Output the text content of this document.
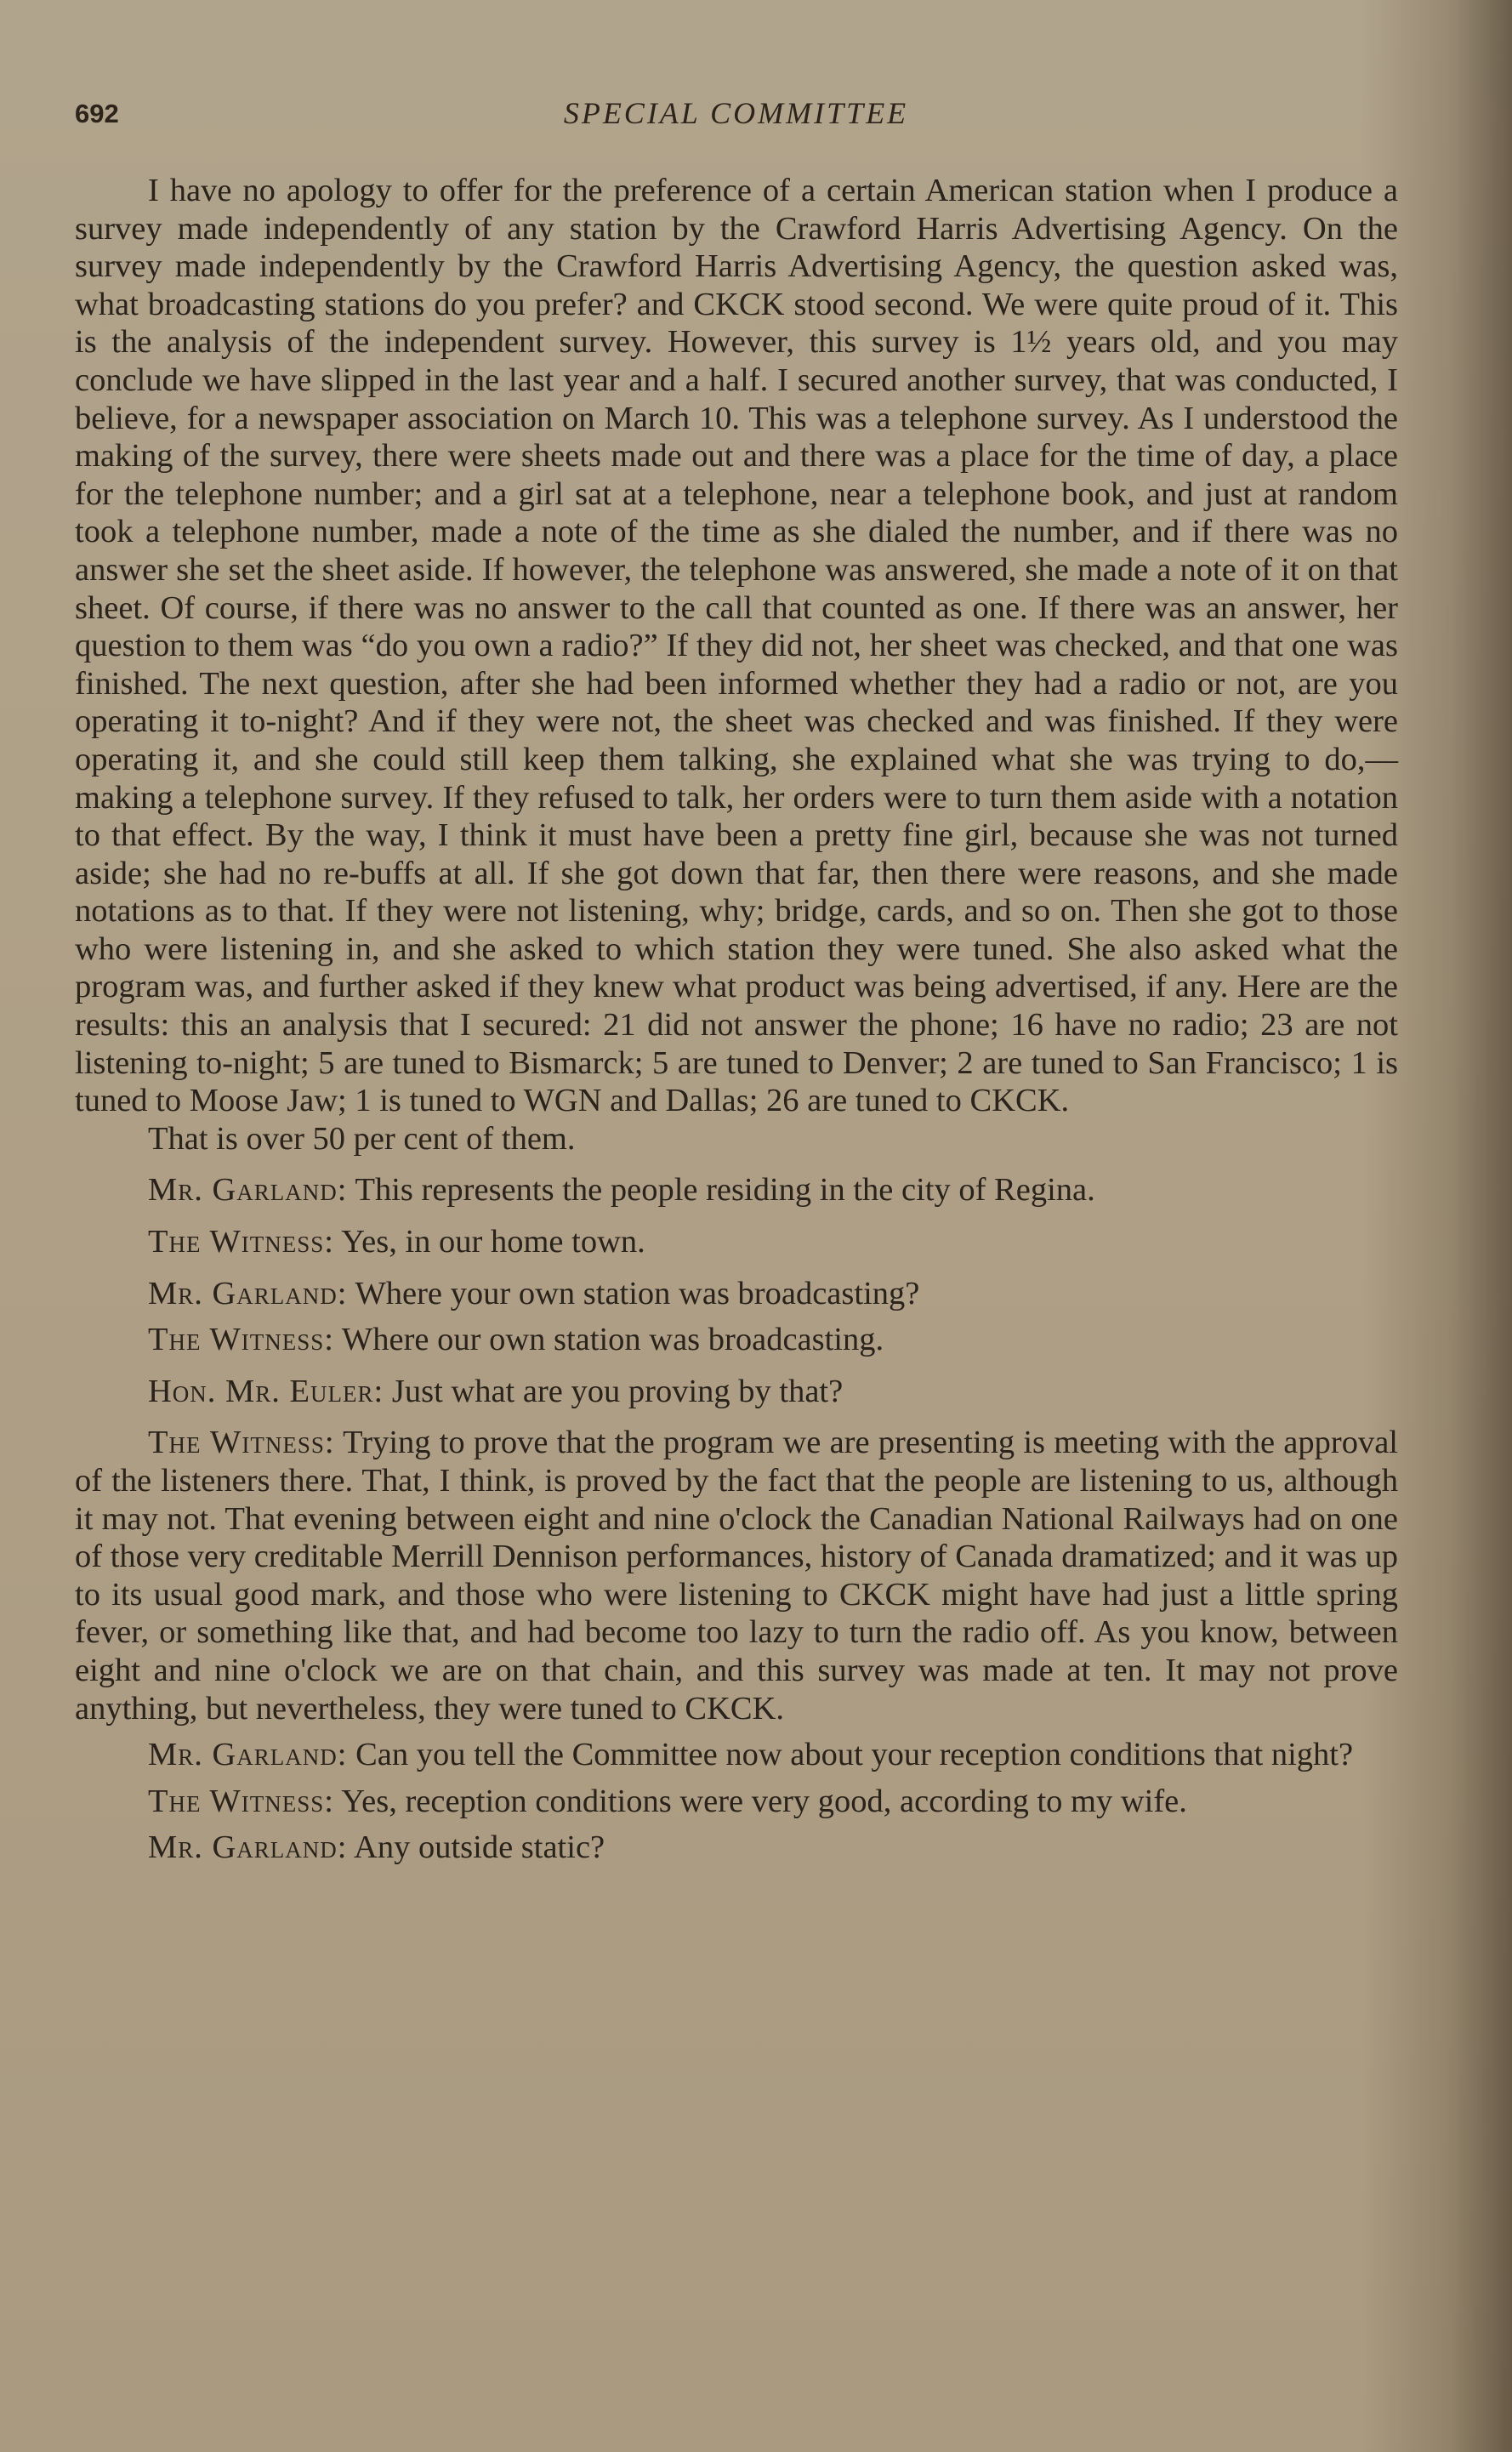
692	SPECIAL COMMITTEE

I have no apology to offer for the preference of a certain American station when I produce a survey made independently of any station by the Crawford Harris Advertising Agency. On the survey made independently by the Crawford Harris Advertising Agency, the question asked was, what broadcasting stations do you prefer? and CKCK stood second. We were quite proud of it. This is the analysis of the independent survey. However, this survey is 1½ years old, and you may conclude we have slipped in the last year and a half. I secured another survey, that was conducted, I believe, for a newspaper association on March 10. This was a telephone survey. As I understood the making of the survey, there were sheets made out and there was a place for the time of day, a place for the telephone number; and a girl sat at a telephone, near a telephone book, and just at random took a telephone number, made a note of the time as she dialed the number, and if there was no answer she set the sheet aside. If however, the telephone was answered, she made a note of it on that sheet. Of course, if there was no answer to the call that counted as one. If there was an answer, her question to them was “do you own a radio?” If they did not, her sheet was checked, and that one was finished. The next question, after she had been informed whether they had a radio or not, are you operating it to-night? And if they were not, the sheet was checked and was finished. If they were operating it, and she could still keep them talking, she explained what she was trying to do,—making a telephone survey. If they refused to talk, her orders were to turn them aside with a notation to that effect. By the way, I think it must have been a pretty fine girl, because she was not turned aside; she had no re-buffs at all. If she got down that far, then there were reasons, and she made notations as to that. If they were not listening, why; bridge, cards, and so on. Then she got to those who were listening in, and she asked to which station they were tuned. She also asked what the program was, and further asked if they knew what product was being advertised, if any. Here are the results: this an analysis that I secured: 21 did not answer the phone; 16 have no radio; 23 are not listening to-night; 5 are tuned to Bismarck; 5 are tuned to Denver; 2 are tuned to San Francisco; 1 is tuned to Moose Jaw; 1 is tuned to WGN and Dallas; 26 are tuned to CKCK.

That is over 50 per cent of them.

Mr. Garland: This represents the people residing in the city of Regina.

The Witness: Yes, in our home town.

Mr. Garland: Where your own station was broadcasting?

The Witness: Where our own station was broadcasting.

Hon. Mr. Euler: Just what are you proving by that?

The Witness: Trying to prove that the program we are presenting is meeting with the approval of the listeners there. That, I think, is proved by the fact that the people are listening to us, although it may not. That evening between eight and nine o'clock the Canadian National Railways had on one of those very creditable Merrill Dennison performances, history of Canada dramatized; and it was up to its usual good mark, and those who were listening to CKCK might have had just a little spring fever, or something like that, and had become too lazy to turn the radio off. As you know, between eight and nine o'clock we are on that chain, and this survey was made at ten. It may not prove anything, but nevertheless, they were tuned to CKCK.

Mr. Garland: Can you tell the Committee now about your reception conditions that night?

The Witness: Yes, reception conditions were very good, according to my wife.

Mr. Garland: Any outside static?
